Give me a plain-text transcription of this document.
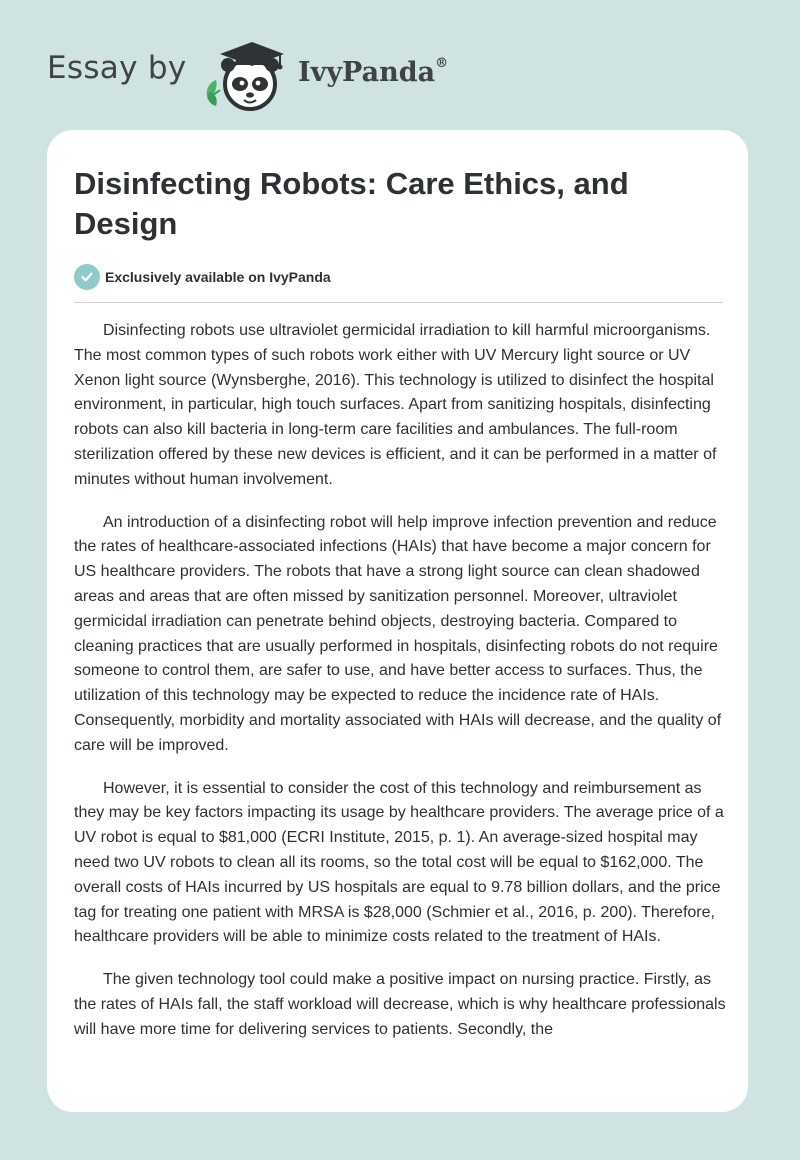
Essay by	IvyPanda®
Disinfecting Robots: Care Ethics, and Design
Exclusively available on IvyPanda

Disinfecting robots use ultraviolet germicidal irradiation to kill harmful microorganisms. The most common types of such robots work either with UV Mercury light source or UV Xenon light source (Wynsberghe, 2016). This technology is utilized to disinfect the hospital environment, in particular, high touch surfaces. Apart from sanitizing hospitals, disinfecting robots can also kill bacteria in long-term care facilities and ambulances. The full-room sterilization offered by these new devices is efficient, and it can be performed in a matter of minutes without human involvement.

An introduction of a disinfecting robot will help improve infection prevention and reduce the rates of healthcare-associated infections (HAIs) that have become a major concern for US healthcare providers. The robots that have a strong light source can clean shadowed areas and areas that are often missed by sanitization personnel. Moreover, ultraviolet germicidal irradiation can penetrate behind objects, destroying bacteria. Compared to cleaning practices that are usually performed in hospitals, disinfecting robots do not require someone to control them, are safer to use, and have better access to surfaces. Thus, the utilization of this technology may be expected to reduce the incidence rate of HAIs. Consequently, morbidity and mortality associated with HAIs will decrease, and the quality of care will be improved.

However, it is essential to consider the cost of this technology and reimbursement as they may be key factors impacting its usage by healthcare providers. The average price of a UV robot is equal to $81,000 (ECRI Institute, 2015, p. 1). An average-sized hospital may need two UV robots to clean all its rooms, so the total cost will be equal to $162,000. The overall costs of HAIs incurred by US hospitals are equal to 9.78 billion dollars, and the price tag for treating one patient with MRSA is $28,000 (Schmier et al., 2016, p. 200). Therefore, healthcare providers will be able to minimize costs related to the treatment of HAIs.

The given technology tool could make a positive impact on nursing practice. Firstly, as the rates of HAIs fall, the staff workload will decrease, which is why healthcare professionals will have more time for delivering services to patients. Secondly, the
